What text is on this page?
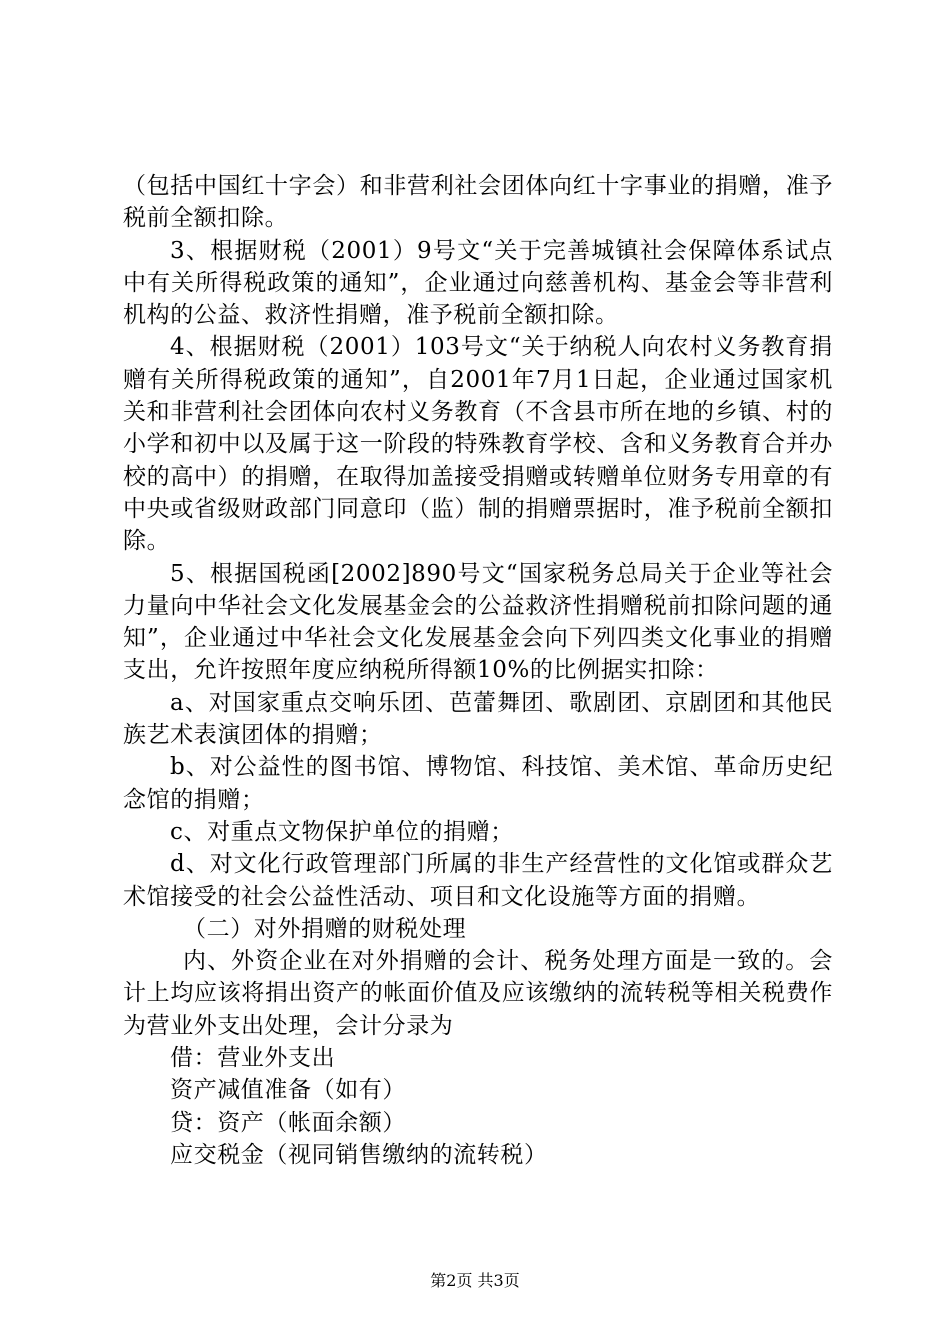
（包括中国红十字会）和非营利社会团体向红十字事业的捐赠，准予税前全额扣除。

3、根据财税（2001）9号文“关于完善城镇社会保障体系试点中有关所得税政策的通知”，企业通过向慈善机构、基金会等非营利机构的公益、救济性捐赠，准予税前全额扣除。

4、根据财税（2001）103号文“关于纳税人向农村义务教育捐赠有关所得税政策的通知”，自2001年7月1日起，企业通过国家机关和非营利社会团体向农村义务教育（不含县市所在地的乡镇、村的小学和初中以及属于这一阶段的特殊教育学校、含和义务教育合并办校的高中）的捐赠，在取得加盖接受捐赠或转赠单位财务专用章的有中央或省级财政部门同意印（监）制的捐赠票据时，准予税前全额扣除。

5、根据国税函[2002]890号文“国家税务总局关于企业等社会力量向中华社会文化发展基金会的公益救济性捐赠税前扣除问题的通知”，企业通过中华社会文化发展基金会向下列四类文化事业的捐赠支出，允许按照年度应纳税所得额10%的比例据实扣除：

a、对国家重点交响乐团、芭蕾舞团、歌剧团、京剧团和其他民族艺术表演团体的捐赠；

b、对公益性的图书馆、博物馆、科技馆、美术馆、革命历史纪念馆的捐赠；

c、对重点文物保护单位的捐赠；

d、对文化行政管理部门所属的非生产经营性的文化馆或群众艺术馆接受的社会公益性活动、项目和文化设施等方面的捐赠。

（二）对外捐赠的财税处理

内、外资企业在对外捐赠的会计、税务处理方面是一致的。会计上均应该将捐出资产的帐面价值及应该缴纳的流转税等相关税费作为营业外支出处理，会计分录为

借：营业外支出

资产减值准备（如有）

贷：资产（帐面余额）

应交税金（视同销售缴纳的流转税）

第2页 共3页
